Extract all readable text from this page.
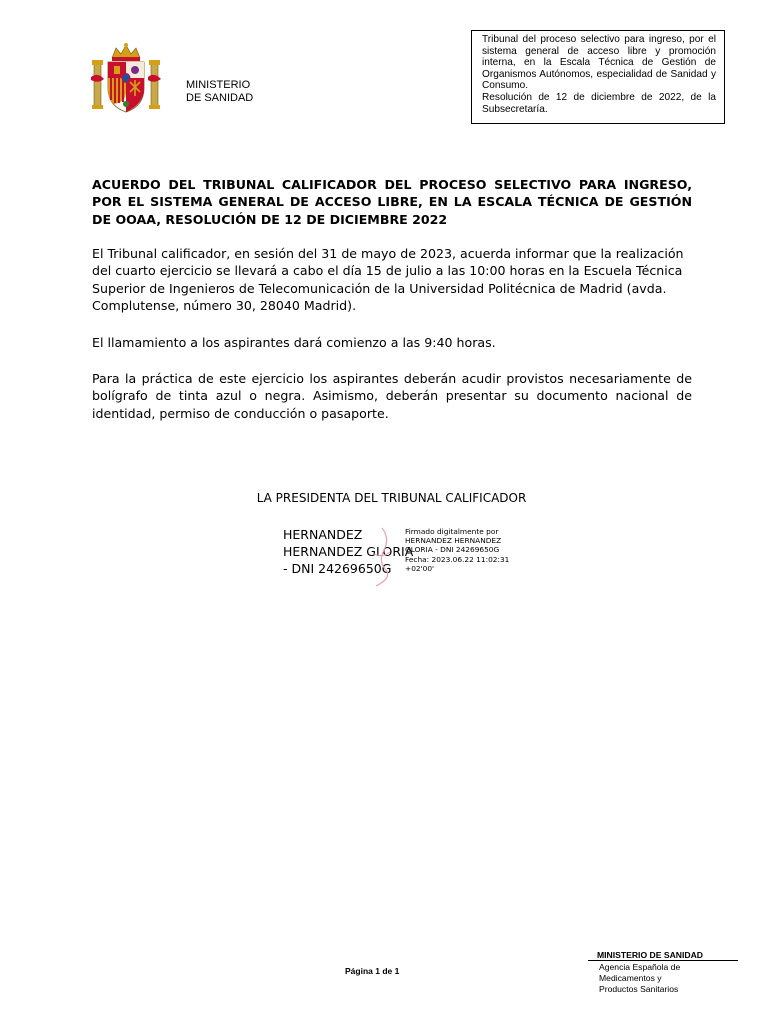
MINISTERIO
DE SANIDAD

Tribunal del proceso selectivo para ingreso, por el sistema general de acceso libre y promoción interna, en la Escala Técnica de Gestión de Organismos Autónomos, especialidad de Sanidad y Consumo.

Resolución de 12 de diciembre de 2022, de la Subsecretaría.

ACUERDO DEL TRIBUNAL CALIFICADOR DEL PROCESO SELECTIVO PARA INGRESO, POR EL SISTEMA GENERAL DE ACCESO LIBRE, EN LA ESCALA TÉCNICA DE GESTIÓN DE OOAA, RESOLUCIÓN DE 12 DE DICIEMBRE 2022

El Tribunal calificador, en sesión del 31 de mayo de 2023, acuerda informar que la realización del cuarto ejercicio se llevará a cabo el día 15 de julio a las 10:00 horas en la Escuela Técnica Superior de Ingenieros de Telecomunicación de la Universidad Politécnica de Madrid (avda. Complutense, número 30, 28040 Madrid).

El llamamiento a los aspirantes dará comienzo a las 9:40 horas.

Para la práctica de este ejercicio los aspirantes deberán acudir provistos necesariamente de bolígrafo de tinta azul o negra. Asimismo, deberán presentar su documento nacional de identidad, permiso de conducción o pasaporte.

LA PRESIDENTA DEL TRIBUNAL CALIFICADOR
HERNANDEZ
HERNANDEZ GLORIA
- DNI 24269650G
Firmado digitalmente por
HERNANDEZ HERNANDEZ
GLORIA - DNI 24269650G
Fecha: 2023.06.22 11:02:31
+02'00'
Página 1 de 1
MINISTERIO DE SANIDAD
Agencia Española de
Medicamentos y
Productos Sanitarios
